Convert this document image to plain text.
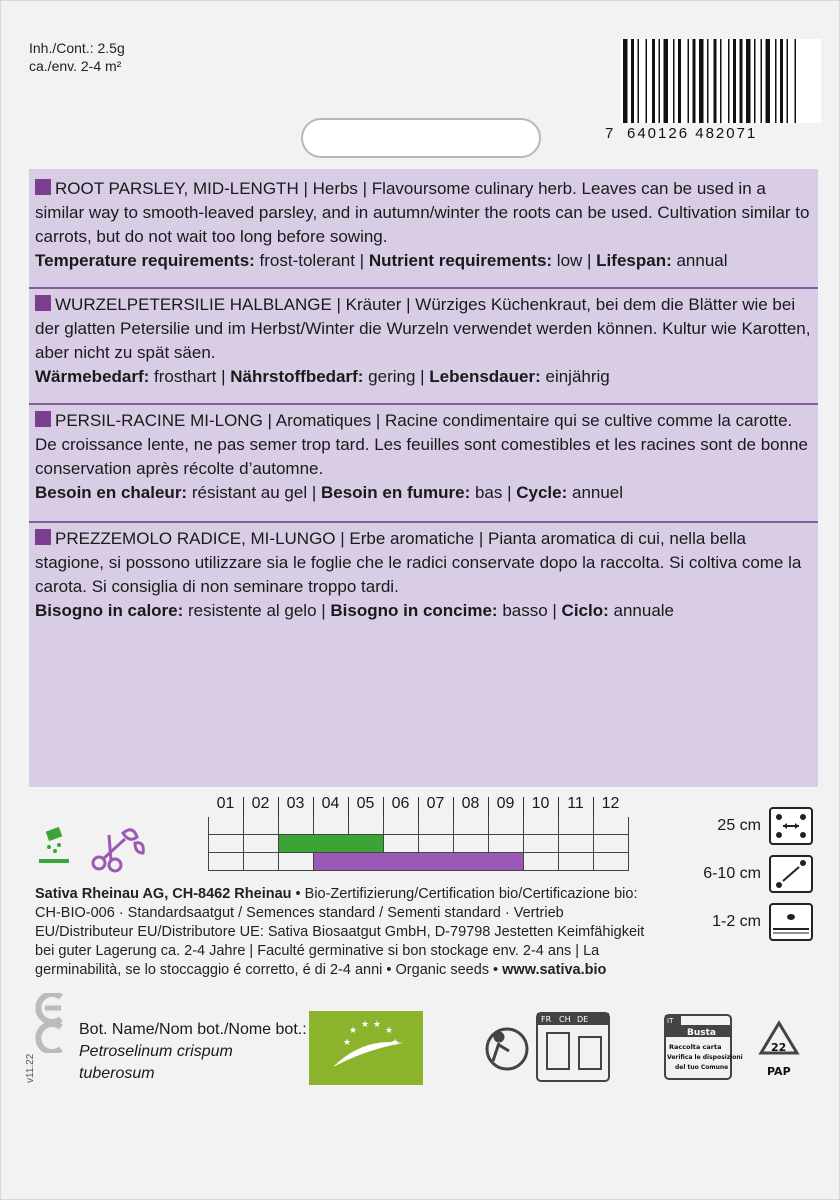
Inh./Cont.: 2.5g
ca./env. 2-4 m²
7 640126 482071
ROOT PARSLEY, MID-LENGTH | Herbs | Flavoursome culinary herb. Leaves can be used in a similar way to smooth-leaved parsley, and in autumn/winter the roots can be used. Cultivation similar to carrots, but do not wait too long before sowing.
Temperature requirements: frost-tolerant | Nutrient requirements: low | Lifespan: annual
WURZELPETERSILIE HALBLANGE | Kräuter | Würziges Küchenkraut, bei dem die Blätter wie bei der glatten Petersilie und im Herbst/Winter die Wurzeln verwendet werden können. Kultur wie Karotten, aber nicht zu spät säen.
Wärmebedarf: frosthart | Nährstoffbedarf: gering | Lebensdauer: einjährig
PERSIL-RACINE MI-LONG | Aromatiques | Racine condimentaire qui se cultive comme la carotte. De croissance lente, ne pas semer trop tard. Les feuilles sont comestibles et les racines sont de bonne conservation après récolte d’automne.
Besoin en chaleur: résistant au gel | Besoin en fumure: bas | Cycle: annuel
PREZZEMOLO RADICE, MI-LUNGO | Erbe aromatiche | Pianta aromatica di cui, nella bella stagione, si possono utilizzare sia le foglie che le radici conservate dopo la raccolta. Si coltiva come la carota. Si consiglia di non seminare troppo tardi.
Bisogno in calore: resistente al gelo | Bisogno in concime: basso | Ciclo: annuale
01	02	03	04	05	06	07	08	09	10	11	12
25 cm
6-10 cm
1-2 cm
Sativa Rheinau AG, CH-8462 Rheinau • Bio-Zertifizierung/Certification bio/Certificazione bio: CH-BIO-006 · Standardsaatgut / Semences standard / Sementi standard · Vertrieb EU/Distributeur EU/Distributore UE: Sativa Biosaatgut GmbH, D-79798 Jestetten Keimfähigkeit bei guter Lagerung ca. 2-4 Jahre | Faculté germinative si bon stockage env. 2-4 ans | La germinabilità, se lo stoccaggio é corretto, é di 2-4 anni • Organic seeds • www.sativa.bio
v11.22
Bot. Name/Nom bot./Nome bot.:
Petroselinum crispum
tuberosum
★
★ ★
★
★
FR CH DE	IT
Busta
Raccolta carta
Verifica le disposizioni
del tuo Comune
22
PAP
